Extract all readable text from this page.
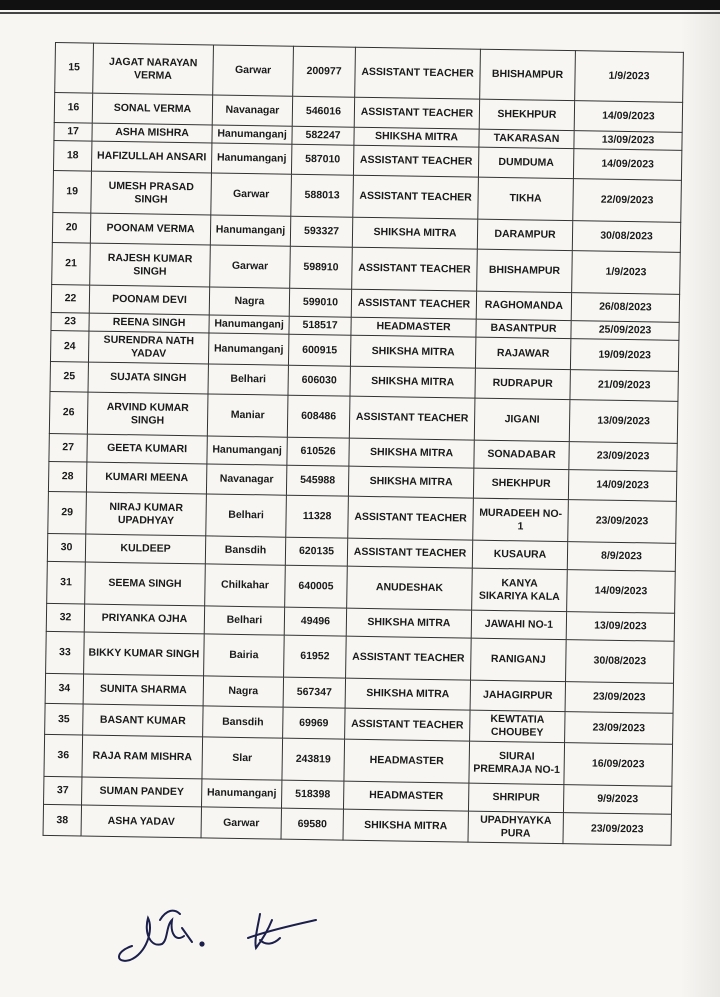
15	JAGAT NARAYAN VERMA	Garwar	200977	ASSISTANT TEACHER	BHISHAMPUR	1/9/2023
16	SONAL VERMA	Navanagar	546016	ASSISTANT TEACHER	SHEKHPUR	14/09/2023
17	ASHA MISHRA	Hanumanganj	582247	SHIKSHA MITRA	TAKARASAN	13/09/2023
18	HAFIZULLAH ANSARI	Hanumanganj	587010	ASSISTANT TEACHER	DUMDUMA	14/09/2023
19	UMESH PRASAD SINGH	Garwar	588013	ASSISTANT TEACHER	TIKHA	22/09/2023
20	POONAM VERMA	Hanumanganj	593327	SHIKSHA MITRA	DARAMPUR	30/08/2023
21	RAJESH KUMAR SINGH	Garwar	598910	ASSISTANT TEACHER	BHISHAMPUR	1/9/2023
22	POONAM DEVI	Nagra	599010	ASSISTANT TEACHER	RAGHOMANDA	26/08/2023
23	REENA SINGH	Hanumanganj	518517	HEADMASTER	BASANTPUR	25/09/2023
24	SURENDRA NATH YADAV	Hanumanganj	600915	SHIKSHA MITRA	RAJAWAR	19/09/2023
25	SUJATA SINGH	Belhari	606030	SHIKSHA MITRA	RUDRAPUR	21/09/2023
26	ARVIND KUMAR SINGH	Maniar	608486	ASSISTANT TEACHER	JIGANI	13/09/2023
27	GEETA KUMARI	Hanumanganj	610526	SHIKSHA MITRA	SONADABAR	23/09/2023
28	KUMARI MEENA	Navanagar	545988	SHIKSHA MITRA	SHEKHPUR	14/09/2023
29	NIRAJ KUMAR UPADHYAY	Belhari	11328	ASSISTANT TEACHER	MURADEEH NO-1	23/09/2023
30	KULDEEP	Bansdih	620135	ASSISTANT TEACHER	KUSAURA	8/9/2023
31	SEEMA SINGH	Chilkahar	640005	ANUDESHAK	KANYA SIKARIYA KALA	14/09/2023
32	PRIYANKA OJHA	Belhari	49496	SHIKSHA MITRA	JAWAHI NO-1	13/09/2023
33	BIKKY KUMAR SINGH	Bairia	61952	ASSISTANT TEACHER	RANIGANJ	30/08/2023
34	SUNITA SHARMA	Nagra	567347	SHIKSHA MITRA	JAHAGIRPUR	23/09/2023
35	BASANT KUMAR	Bansdih	69969	ASSISTANT TEACHER	KEWTATIA CHOUBEY	23/09/2023
36	RAJA RAM MISHRA	Slar	243819	HEADMASTER	SIURAI PREMRAJA NO-1	16/09/2023
37	SUMAN PANDEY	Hanumanganj	518398	HEADMASTER	SHRIPUR	9/9/2023
38	ASHA YADAV	Garwar	69580	SHIKSHA MITRA	UPADHYAYKA PURA	23/09/2023
